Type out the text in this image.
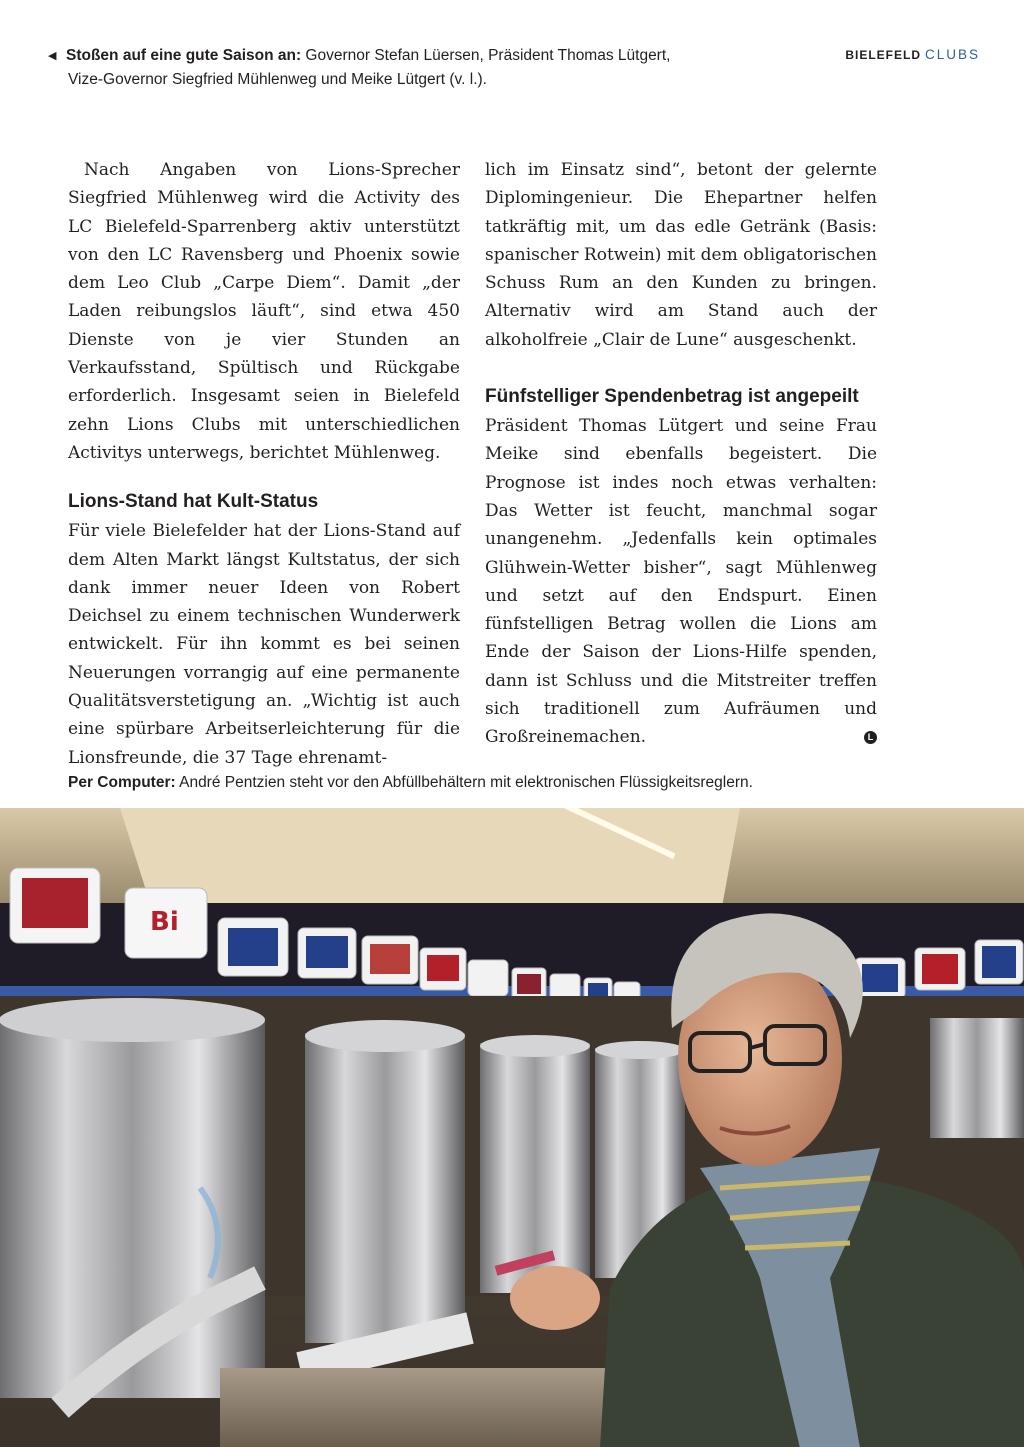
◀ Stoßen auf eine gute Saison an: Governor Stefan Lüersen, Präsident Thomas Lütgert,
Vize-Governor Siegfried Mühlenweg und Meike Lütgert (v. l.).
BIELEFELD CLUBS

Nach Angaben von Lions-Sprecher Siegfried Mühlenweg wird die Activity des LC Bielefeld-Sparrenberg aktiv unterstützt von den LC Ravensberg und Phoenix sowie dem Leo Club „Carpe Diem“. Damit „der Laden reibungslos läuft“, sind etwa 450 Dienste von je vier Stunden an Verkaufsstand, Spültisch und Rückgabe erforderlich. Insgesamt seien in Bielefeld zehn Lions Clubs mit unterschiedlichen Activitys unterwegs, berichtet Mühlenweg.

Lions-Stand hat Kult-Status

Für viele Bielefelder hat der Lions-Stand auf dem Alten Markt längst Kultstatus, der sich dank immer neuer Ideen von Robert Deichsel zu einem technischen Wunderwerk entwickelt. Für ihn kommt es bei seinen Neuerungen vorrangig auf eine permanente Qualitätsverstetigung an. „Wichtig ist auch eine spürbare Arbeitserleichterung für die Lionsfreunde, die 37 Tage ehrenamt-

lich im Einsatz sind“, betont der gelernte Diplomingenieur. Die Ehepartner helfen tatkräftig mit, um das edle Getränk (Basis: spanischer Rotwein) mit dem obligatorischen Schuss Rum an den Kunden zu bringen. Alternativ wird am Stand auch der alkoholfreie „Clair de Lune“ ausgeschenkt.

Fünfstelliger Spendenbetrag ist angepeilt

Präsident Thomas Lütgert und seine Frau Meike sind ebenfalls begeistert. Die Prognose ist indes noch etwas verhalten: Das Wetter ist feucht, manchmal sogar unangenehm. „Jedenfalls kein optimales Glühwein-Wetter bisher“, sagt Mühlenweg und setzt auf den Endspurt. Einen fünfstelligen Betrag wollen die Lions am Ende der Saison der Lions-Hilfe spenden, dann ist Schluss und die Mitstreiter treffen sich traditionell zum Aufräumen und Großreinemachen.	L

Per Computer: André Pentzien steht vor den Abfüllbehältern mit elektronischen Flüssigkeitsreglern.
Bi
